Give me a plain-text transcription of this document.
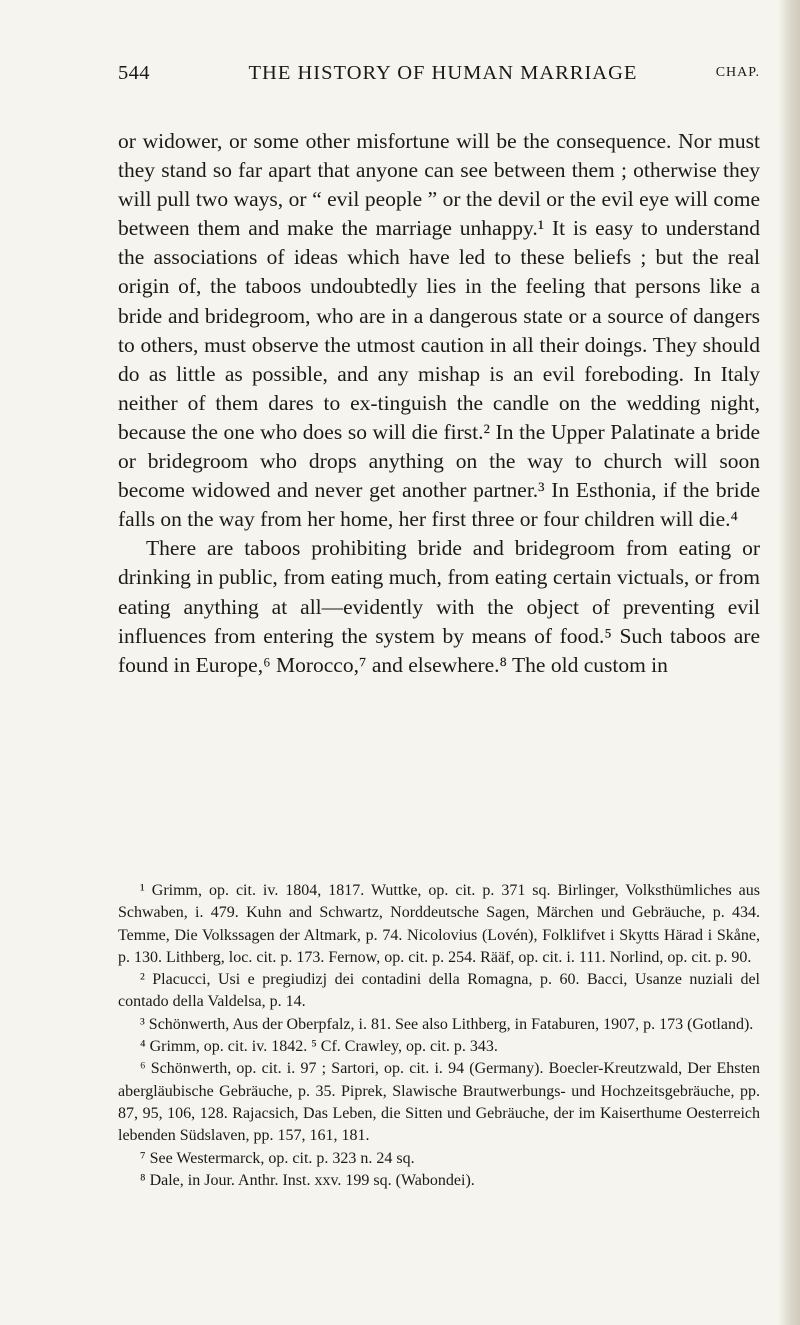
544	THE HISTORY OF HUMAN MARRIAGE	CHAP.

or widower, or some other misfortune will be the consequence. Nor must they stand so far apart that anyone can see between them ; otherwise they will pull two ways, or “ evil people ” or the devil or the evil eye will come between them and make the marriage unhappy.¹ It is easy to understand the associations of ideas which have led to these beliefs ; but the real origin of, the taboos undoubtedly lies in the feeling that persons like a bride and bridegroom, who are in a dangerous state or a source of dangers to others, must observe the utmost caution in all their doings. They should do as little as possible, and any mishap is an evil foreboding. In Italy neither of them dares to ex-tinguish the candle on the wedding night, because the one who does so will die first.² In the Upper Palatinate a bride or bridegroom who drops anything on the way to church will soon become widowed and never get another partner.³ In Esthonia, if the bride falls on the way from her home, her first three or four children will die.⁴

There are taboos prohibiting bride and bridegroom from eating or drinking in public, from eating much, from eating certain victuals, or from eating anything at all—evidently with the object of preventing evil influences from entering the system by means of food.⁵ Such taboos are found in Europe,⁶ Morocco,⁷ and elsewhere.⁸ The old custom in

¹ Grimm, op. cit. iv. 1804, 1817. Wuttke, op. cit. p. 371 sq. Birlinger, Volksthümliches aus Schwaben, i. 479. Kuhn and Schwartz, Norddeutsche Sagen, Märchen und Gebräuche, p. 434. Temme, Die Volkssagen der Altmark, p. 74. Nicolovius (Lovén), Folklifvet i Skytts Härad i Skåne, p. 130. Lithberg, loc. cit. p. 173. Fernow, op. cit. p. 254. Rääf, op. cit. i. 111. Norlind, op. cit. p. 90.

² Placucci, Usi e pregiudizj dei contadini della Romagna, p. 60. Bacci, Usanze nuziali del contado della Valdelsa, p. 14.

³ Schönwerth, Aus der Oberpfalz, i. 81. See also Lithberg, in Fataburen, 1907, p. 173 (Gotland).

⁴ Grimm, op. cit. iv. 1842. ⁵ Cf. Crawley, op. cit. p. 343.

⁶ Schönwerth, op. cit. i. 97 ; Sartori, op. cit. i. 94 (Germany). Boecler-Kreutzwald, Der Ehsten abergläubische Gebräuche, p. 35. Piprek, Slawische Brautwerbungs- und Hochzeitsgebräuche, pp. 87, 95, 106, 128. Rajacsich, Das Leben, die Sitten und Gebräuche, der im Kaiserthume Oesterreich lebenden Südslaven, pp. 157, 161, 181.

⁷ See Westermarck, op. cit. p. 323 n. 24 sq.

⁸ Dale, in Jour. Anthr. Inst. xxv. 199 sq. (Wabondei).
